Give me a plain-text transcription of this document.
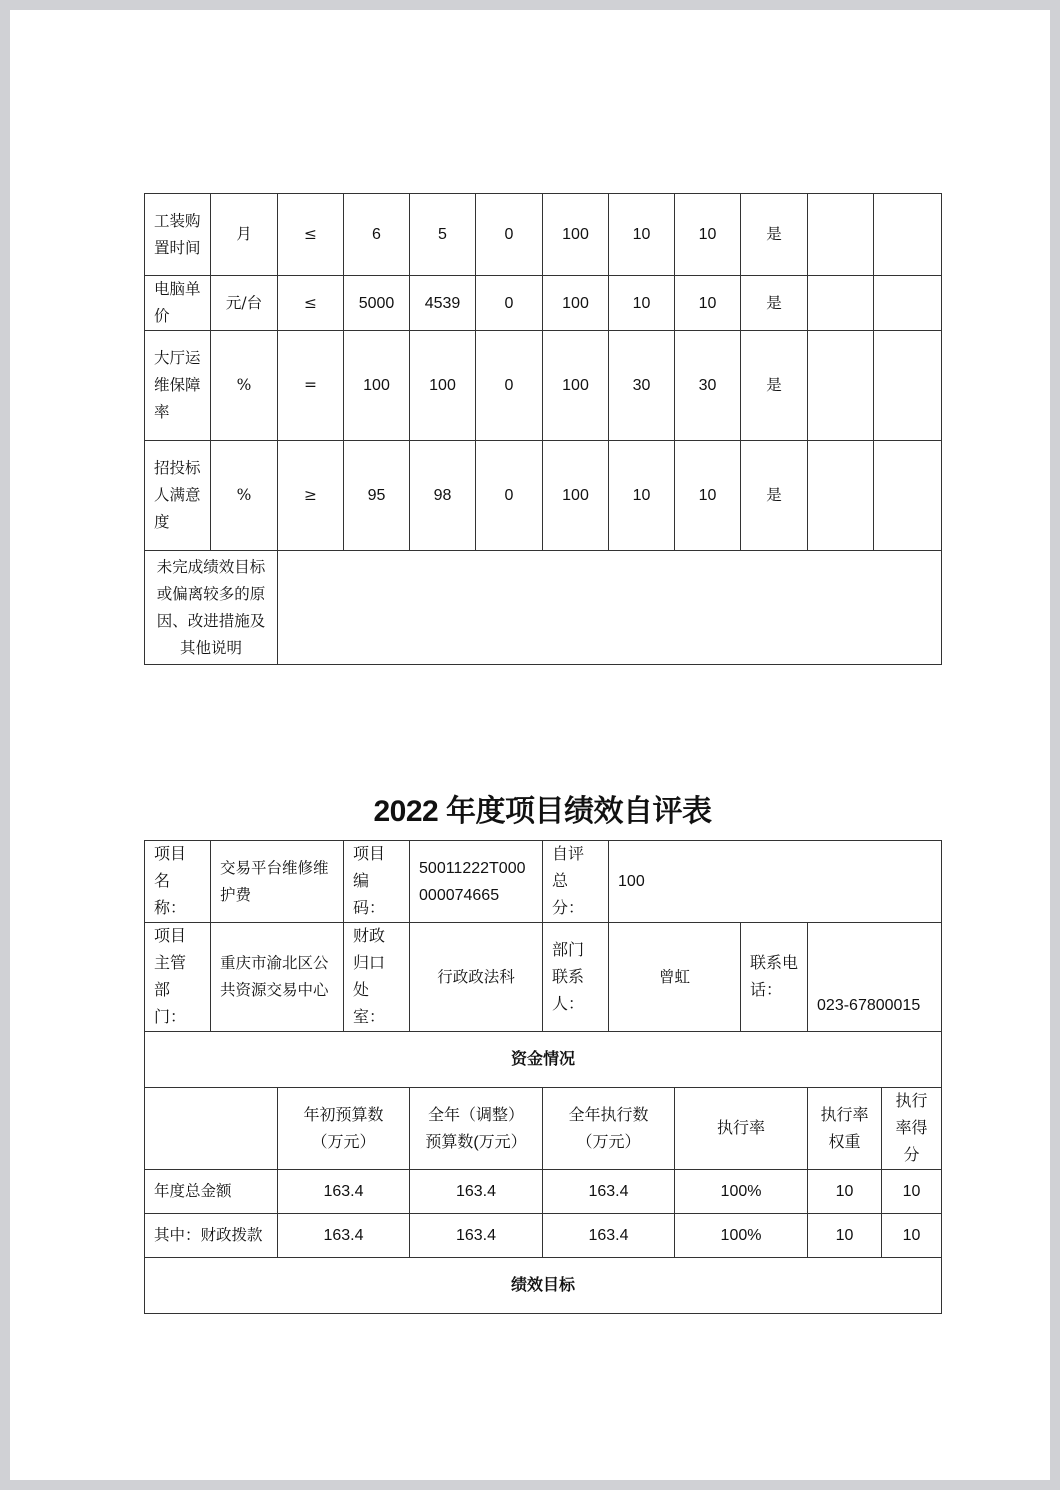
工装购置时间	月	≤	6	5	0	100	10	10	是		
电脑单价	元/台	≤	5000	4539	0	100	10	10	是		
大厅运维保障率	%	=	100	100	0	100	30	30	是		
招投标人满意度	%	≥	95	98	0	100	10	10	是		
未完成绩效目标或偏离较多的原因、改进措施及其他说明											
2022 年度项目绩效自评表
项目名称：	交易平台维修维护费		项目编码：	50011222T000000074665	自评总分：	100				
项目主管部门：	重庆市渝北区公共资源交易中心		财政归口处室：	行政政法科	部门联系人：	曾虹		联系电话：	023-67800015	
资金情况										
		年初预算数（万元）		全年（调整）预算数(万元）	全年执行数（万元）		执行率		执行率权重	执行率得分
年度总金额		163.4		163.4	163.4		100%		10	10
其中：财政拨款		163.4		163.4	163.4		100%		10	10
绩效目标										
